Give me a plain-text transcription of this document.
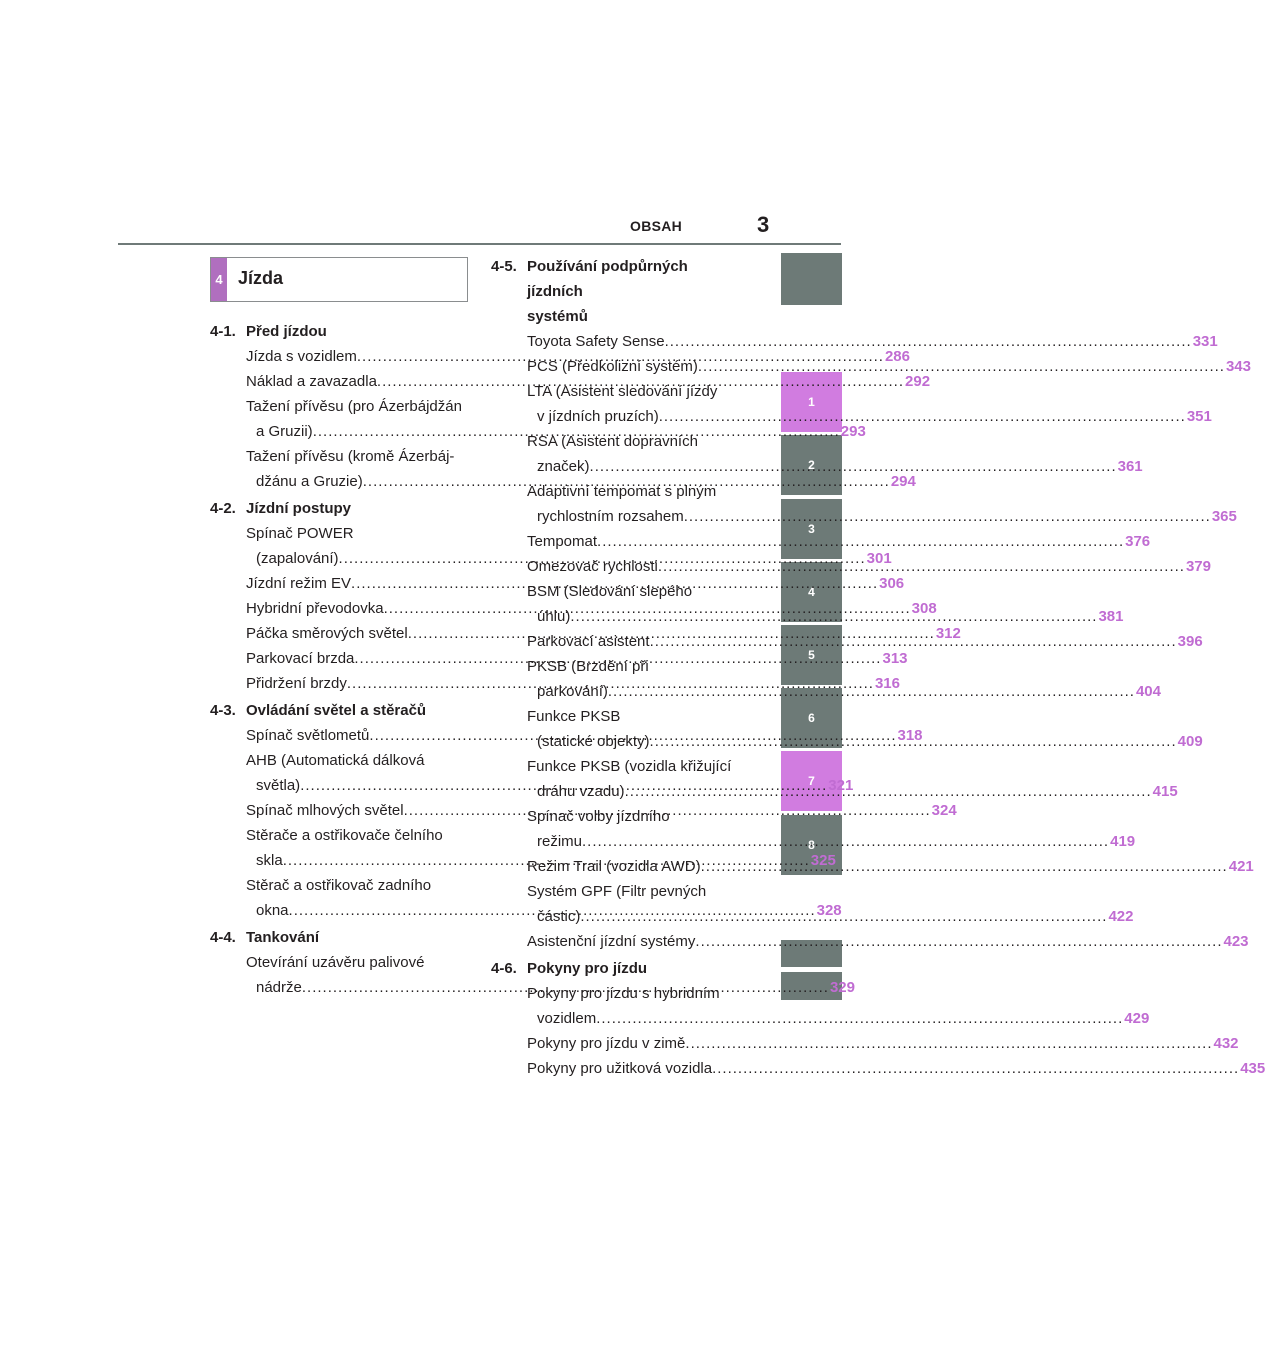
OBSAH	3
1
2
3
4
5
6
7
8
4 Jízda
4-1. Před jízdou
Jízda s vozidlem .....	286
Náklad a zavazadla .....	292
Tažení přívěsu (pro Ázerbájdžán
a Gruzii) .....	293
Tažení přívěsu (kromě Ázerbáj-
džánu a Gruzie) .....	294
4-2. Jízdní postupy
Spínač POWER
(zapalování) .....	301
Jízdní režim EV .....	306
Hybridní převodovka .....	308
Páčka směrových světel .....	312
Parkovací brzda .....	313
Přidržení brzdy .....	316
4-3. Ovládání světel a stěračů
Spínač světlometů .....	318
AHB (Automatická dálková
světla) .....	321
Spínač mlhových světel .....	324
Stěrače a ostřikovače čelního
skla .....	325
Stěrač a ostřikovač zadního
okna .....	328
4-4. Tankování
Otevírání uzávěru palivové
nádrže .....	329
4-5. Používání podpůrných jízdních
systémů
Toyota Safety Sense .....	331
PCS (Předkolizní systém) .....	343
LTA (Asistent sledování jízdy
v jízdních pruzích) .....	351
RSA (Asistent dopravních
značek) .....	361
Adaptivní tempomat s plným
rychlostním rozsahem .....	365
Tempomat .....	376
Omezovač rychlosti .....	379
BSM (Sledování slepého
úhlu) .....	381
Parkovací asistent .....	396
PKSB (Brzdění při
parkování) .....	404
Funkce PKSB
(statické objekty) .....	409
Funkce PKSB (vozidla křižující
dráhu vzadu) .....	415
Spínač volby jízdního
režimu .....	419
Režim Trail (vozidla AWD) .....	421
Systém GPF (Filtr pevných
částic) .....	422
Asistenční jízdní systémy .....	423
4-6. Pokyny pro jízdu
Pokyny pro jízdu s hybridním
vozidlem .....	429
Pokyny pro jízdu v zimě .....	432
Pokyny pro užitková vozidla .....	435
